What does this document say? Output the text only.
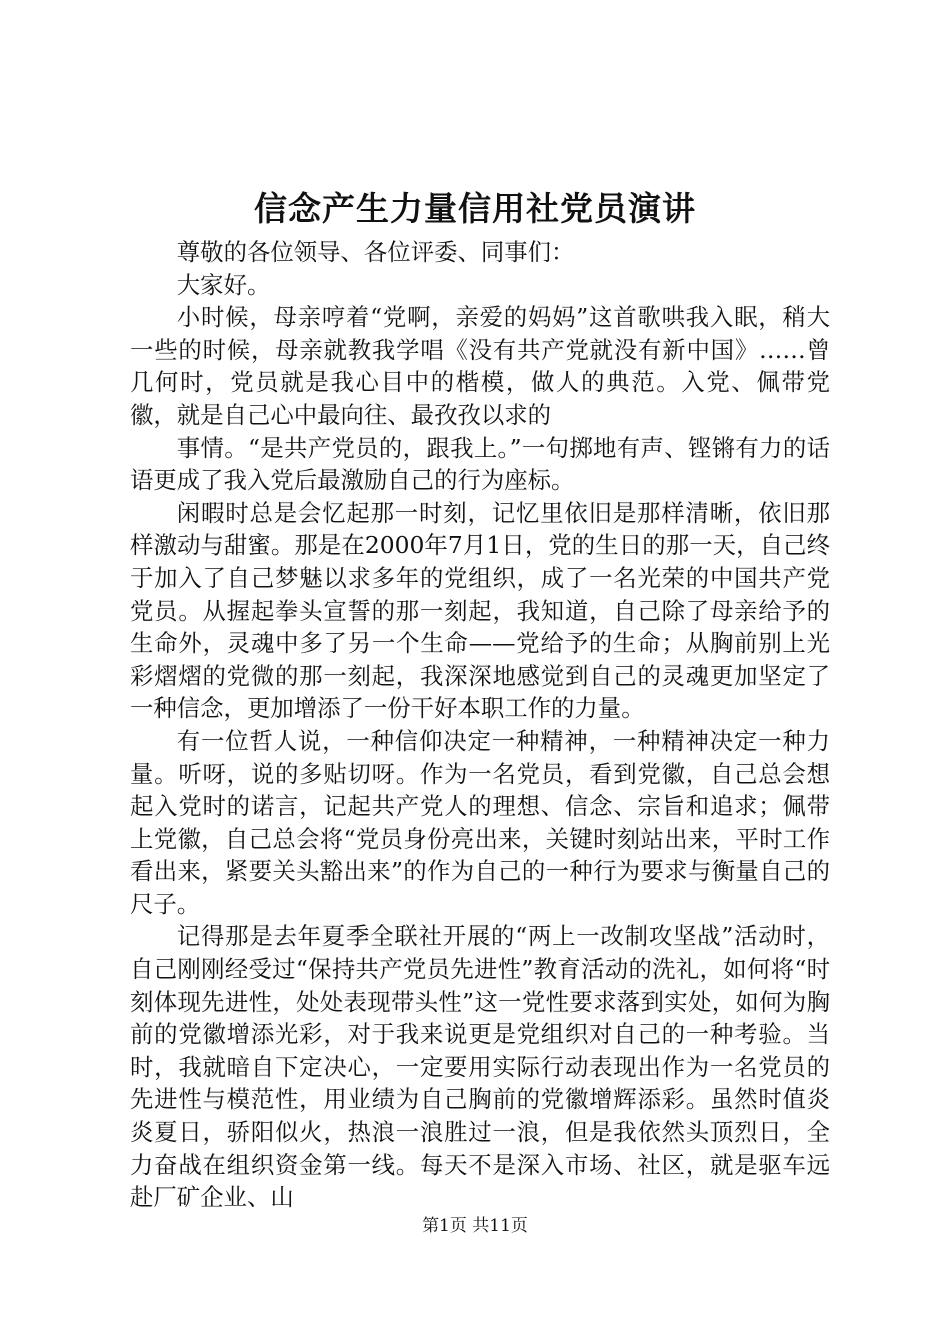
信念产生力量信用社党员演讲

尊敬的各位领导、各位评委、同事们：

大家好。

小时候，母亲哼着“党啊，亲爱的妈妈”这首歌哄我入眠，稍大一些的时候，母亲就教我学唱《没有共产党就没有新中国》……曾几何时，党员就是我心目中的楷模，做人的典范。入党、佩带党徽，就是自己心中最向往、最孜孜以求的

事情。“是共产党员的，跟我上。”一句掷地有声、铿锵有力的话语更成了我入党后最激励自己的行为座标。

闲暇时总是会忆起那一时刻，记忆里依旧是那样清晰，依旧那样激动与甜蜜。那是在2000年7月1日，党的生日的那一天，自己终于加入了自己梦魅以求多年的党组织，成了一名光荣的中国共产党党员。从握起拳头宣誓的那一刻起，我知道，自己除了母亲给予的生命外，灵魂中多了另一个生命——党给予的生命；从胸前别上光彩熠熠的党微的那一刻起，我深深地感觉到自己的灵魂更加坚定了一种信念，更加增添了一份干好本职工作的力量。

有一位哲人说，一种信仰决定一种精神，一种精神决定一种力量。听呀，说的多贴切呀。作为一名党员，看到党徽，自己总会想起入党时的诺言，记起共产党人的理想、信念、宗旨和追求；佩带上党徽，自己总会将“党员身份亮出来，关键时刻站出来，平时工作看出来，紧要关头豁出来”的作为自己的一种行为要求与衡量自己的尺子。

记得那是去年夏季全联社开展的“两上一改制攻坚战”活动时，自己刚刚经受过“保持共产党员先进性”教育活动的洗礼，如何将“时刻体现先进性，处处表现带头性”这一党性要求落到实处，如何为胸前的党徽增添光彩，对于我来说更是党组织对自己的一种考验。当时，我就暗自下定决心，一定要用实际行动表现出作为一名党员的先进性与模范性，用业绩为自己胸前的党徽增辉添彩。虽然时值炎炎夏日，骄阳似火，热浪一浪胜过一浪，但是我依然头顶烈日，全力奋战在组织资金第一线。每天不是深入市场、社区，就是驱车远赴厂矿企业、山

第1页 共11页
